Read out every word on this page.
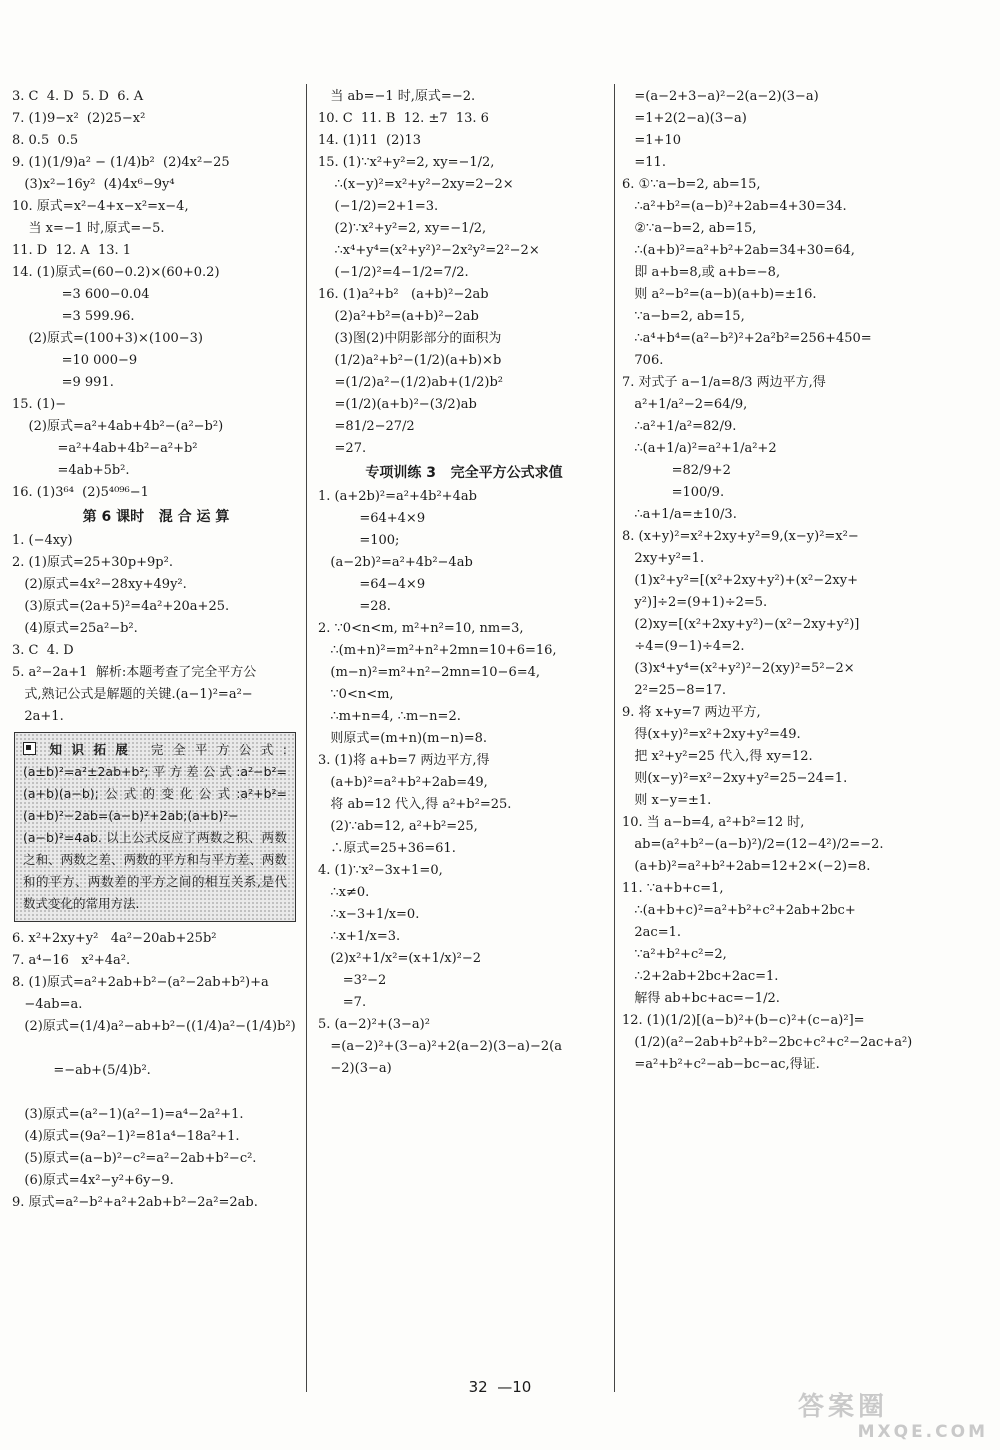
3. C  4. D  5. D  6. A
7. (1)9−x²  (2)25−x²
8. 0.5  0.5
9. (1)(1/9)a² − (1/4)b²  (2)4x²−25
(3)x²−16y²  (4)4x⁶−9y⁴
10. 原式=x²−4+x−x²=x−4,
当 x=−1 时,原式=−5.
11. D  12. A  13. 1
14. (1)原式=(60−0.2)×(60+0.2)
=3 600−0.04
=3 599.96.
(2)原式=(100+3)×(100−3)
=10 000−9
=9 991.
15. (1)−
(2)原式=a²+4ab+4b²−(a²−b²)
=a²+4ab+4b²−a²+b²
=4ab+5b².
16. (1)3⁶⁴  (2)5⁴⁰⁹⁶−1
第 6 课时   混 合 运 算
1. (−4xy)
2. (1)原式=25+30p+9p².
(2)原式=4x²−28xy+49y².
(3)原式=(2a+5)²=4a²+20a+25.
(4)原式=25a²−b².
3. C  4. D
5. a²−2a+1  解析:本题考查了完全平方公
式,熟记公式是解题的关键.(a−1)²=a²−
2a+1.
知识拓展 完全平方公式:(a±b)²=a²±2ab+b²;平方差公式:a²−b²=(a+b)(a−b);公式的变化公式:a²+b²=(a+b)²−2ab=(a−b)²+2ab;(a+b)²−(a−b)²=4ab. 以上公式反应了两数之积、两数之和、两数之差、两数的平方和与平方差、两数和的平方、两数差的平方之间的相互关系,是代数式变化的常用方法.
6. x²+2xy+y²   4a²−20ab+25b²
7. a⁴−16   x²+4a².
8. (1)原式=a²+2ab+b²−(a²−2ab+b²)+a
−4ab=a.
(2)原式=(1/4)a²−ab+b²−((1/4)a²−(1/4)b²)
=−ab+(5/4)b².
(3)原式=(a²−1)(a²−1)=a⁴−2a²+1.
(4)原式=(9a²−1)²=81a⁴−18a²+1.
(5)原式=(a−b)²−c²=a²−2ab+b²−c².
(6)原式=4x²−y²+6y−9.
9. 原式=a²−b²+a²+2ab+b²−2a²=2ab.
当 ab=−1 时,原式=−2.
10. C  11. B  12. ±7  13. 6
14. (1)11  (2)13
15. (1)∵x²+y²=2, xy=−1/2,
∴(x−y)²=x²+y²−2xy=2−2×
(−1/2)=2+1=3.
(2)∵x²+y²=2, xy=−1/2,
∴x⁴+y⁴=(x²+y²)²−2x²y²=2²−2×
(−1/2)²=4−1/2=7/2.
16. (1)a²+b²   (a+b)²−2ab
(2)a²+b²=(a+b)²−2ab
(3)图(2)中阴影部分的面积为
(1/2)a²+b²−(1/2)(a+b)×b
=(1/2)a²−(1/2)ab+(1/2)b²
=(1/2)(a+b)²−(3/2)ab
=81/2−27/2
=27.
专项训练 3   完全平方公式求值
1. (a+2b)²=a²+4b²+4ab
=64+4×9
=100;
(a−2b)²=a²+4b²−4ab
=64−4×9
=28.
2. ∵0<n<m, m²+n²=10, nm=3,
∴(m+n)²=m²+n²+2mn=10+6=16,
(m−n)²=m²+n²−2mn=10−6=4,
∵0<n<m,
∴m+n=4, ∴m−n=2.
则原式=(m+n)(m−n)=8.
3. (1)将 a+b=7 两边平方,得
(a+b)²=a²+b²+2ab=49,
将 ab=12 代入,得 a²+b²=25.
(2)∵ab=12, a²+b²=25,
∴原式=25+36=61.
4. (1)∵x²−3x+1=0,
∴x≠0.
∴x−3+1/x=0.
∴x+1/x=3.
(2)x²+1/x²=(x+1/x)²−2
=3²−2
=7.
5. (a−2)²+(3−a)²
=(a−2)²+(3−a)²+2(a−2)(3−a)−2(a
−2)(3−a)
=(a−2+3−a)²−2(a−2)(3−a)
=1+2(2−a)(3−a)
=1+10
=11.
6. ①∵a−b=2, ab=15,
∴a²+b²=(a−b)²+2ab=4+30=34.
②∵a−b=2, ab=15,
∴(a+b)²=a²+b²+2ab=34+30=64,
即 a+b=8,或 a+b=−8,
则 a²−b²=(a−b)(a+b)=±16.
∵a−b=2, ab=15,
∴a⁴+b⁴=(a²−b²)²+2a²b²=256+450=
706.
7. 对式子 a−1/a=8/3 两边平方,得
a²+1/a²−2=64/9,
∴a²+1/a²=82/9.
∴(a+1/a)²=a²+1/a²+2
=82/9+2
=100/9.
∴a+1/a=±10/3.
8. (x+y)²=x²+2xy+y²=9,(x−y)²=x²−
2xy+y²=1.
(1)x²+y²=[(x²+2xy+y²)+(x²−2xy+
y²)]÷2=(9+1)÷2=5.
(2)xy=[(x²+2xy+y²)−(x²−2xy+y²)]
÷4=(9−1)÷4=2.
(3)x⁴+y⁴=(x²+y²)²−2(xy)²=5²−2×
2²=25−8=17.
9. 将 x+y=7 两边平方,
得(x+y)²=x²+2xy+y²=49.
把 x²+y²=25 代入,得 xy=12.
则(x−y)²=x²−2xy+y²=25−24=1.
则 x−y=±1.
10. 当 a−b=4, a²+b²=12 时,
ab=(a²+b²−(a−b)²)/2=(12−4²)/2=−2.
(a+b)²=a²+b²+2ab=12+2×(−2)=8.
11. ∵a+b+c=1,
∴(a+b+c)²=a²+b²+c²+2ab+2bc+
2ac=1.
∵a²+b²+c²=2,
∴2+2ab+2bc+2ac=1.
解得 ab+bc+ac=−1/2.
12. (1)(1/2)[(a−b)²+(b−c)²+(c−a)²]=
(1/2)(a²−2ab+b²+b²−2bc+c²+c²−2ac+a²)
=a²+b²+c²−ab−bc−ac,得证.
32  —10
答案圈
MXQE.COM
